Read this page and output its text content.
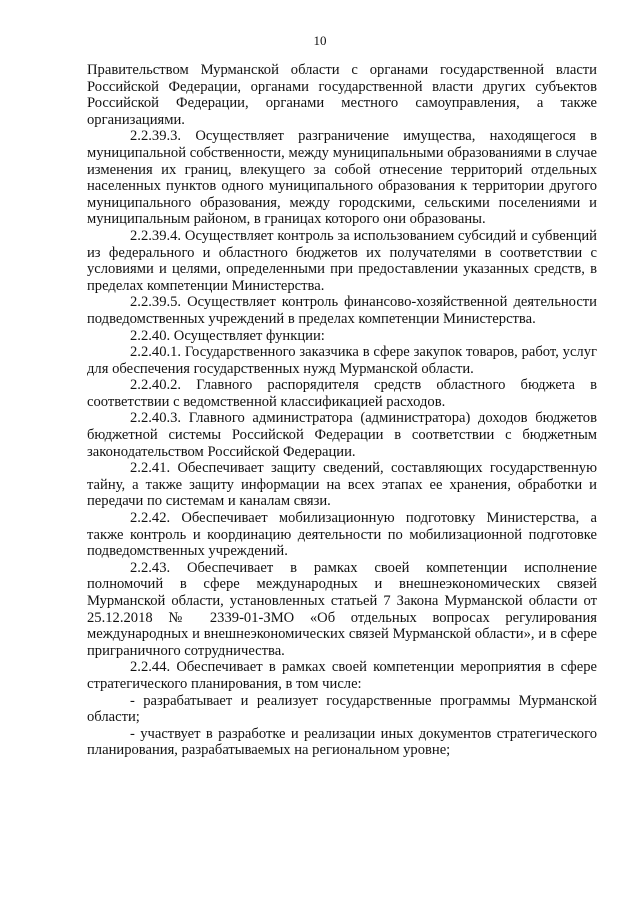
10

Правительством Мурманской области с органами государственной власти Российской Федерации, органами государственной власти других субъектов Российской Федерации, органами местного самоуправления, а также организациями.

2.2.39.3. Осуществляет разграничение имущества, находящегося в муниципальной собственности, между муниципальными образованиями в случае изменения их границ, влекущего за собой отнесение территорий отдельных населенных пунктов одного муниципального образования к территории другого муниципального образования, между городскими, сельскими поселениями и муниципальным районом, в границах которого они образованы.

2.2.39.4. Осуществляет контроль за использованием субсидий и субвенций из федерального и областного бюджетов их получателями в соответствии с условиями и целями, определенными при предоставлении указанных средств, в пределах компетенции Министерства.

2.2.39.5. Осуществляет контроль финансово-хозяйственной деятельности подведомственных учреждений в пределах компетенции Министерства.

2.2.40. Осуществляет функции:

2.2.40.1. Государственного заказчика в сфере закупок товаров, работ, услуг для обеспечения государственных нужд Мурманской области.

2.2.40.2. Главного распорядителя средств областного бюджета в соответствии с ведомственной классификацией расходов.

2.2.40.3. Главного администратора (администратора) доходов бюджетов бюджетной системы Российской Федерации в соответствии с бюджетным законодательством Российской Федерации.

2.2.41. Обеспечивает защиту сведений, составляющих государственную тайну, а также защиту информации на всех этапах ее хранения, обработки и передачи по системам и каналам связи.

2.2.42. Обеспечивает мобилизационную подготовку Министерства, а также контроль и координацию деятельности по мобилизационной подготовке подведомственных учреждений.

2.2.43. Обеспечивает в рамках своей компетенции исполнение полномочий в сфере международных и внешнеэкономических связей Мурманской области, установленных статьей 7 Закона Мурманской области от 25.12.2018 № 2339-01-ЗМО «Об отдельных вопросах регулирования международных и внешнеэкономических связей Мурманской области», и в сфере приграничного сотрудничества.

2.2.44. Обеспечивает в рамках своей компетенции мероприятия в сфере стратегического планирования, в том числе:

- разрабатывает и реализует государственные программы Мурманской области;

- участвует в разработке и реализации иных документов стратегического планирования, разрабатываемых на региональном уровне;
